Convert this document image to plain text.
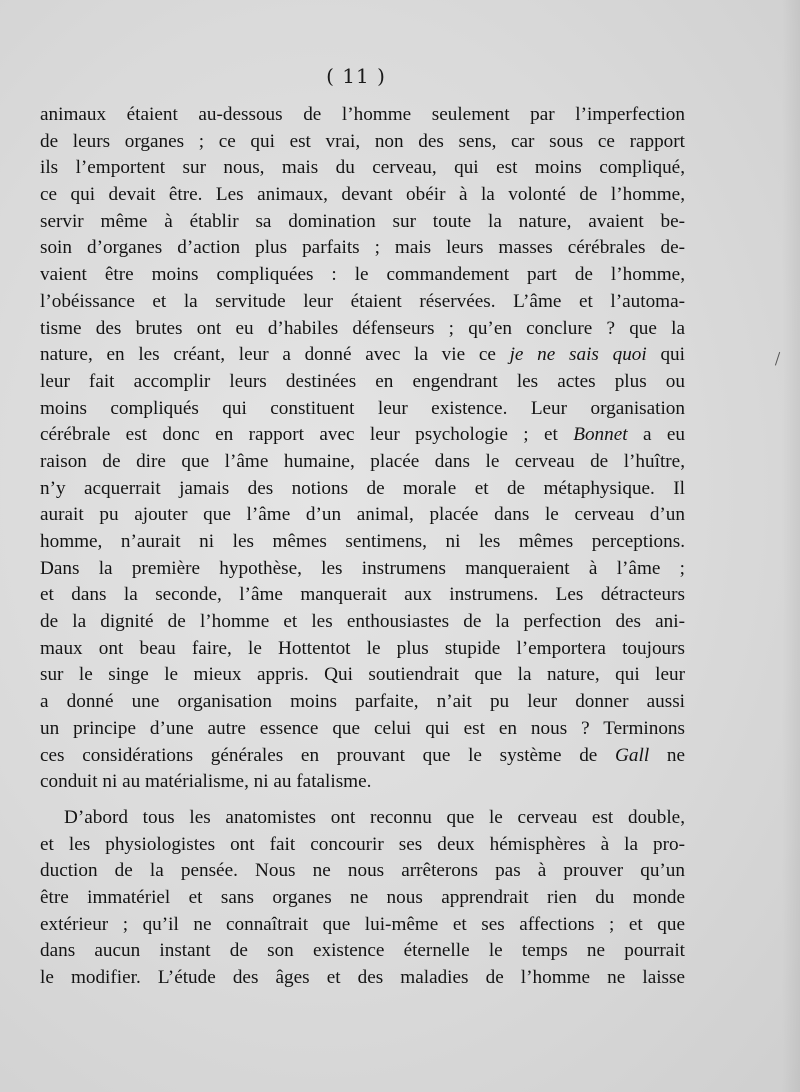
( 11 )
animaux étaient au-dessous de l’homme seulement par l’imperfection
de leurs organes ; ce qui est vrai, non des sens, car sous ce rapport
ils l’emportent sur nous, mais du cerveau, qui est moins compliqué,
ce qui devait être. Les animaux, devant obéir à la volonté de l’homme,
servir même à établir sa domination sur toute la nature, avaient be-
soin d’organes d’action plus parfaits ; mais leurs masses cérébrales de-
vaient être moins compliquées : le commandement part de l’homme,
l’obéissance et la servitude leur étaient réservées. L’âme et l’automa-
tisme des brutes ont eu d’habiles défenseurs ; qu’en conclure ? que la
nature, en les créant, leur a donné avec la vie ce je ne sais quoi qui
leur fait accomplir leurs destinées en engendrant les actes plus ou
moins compliqués qui constituent leur existence. Leur organisation
cérébrale est donc en rapport avec leur psychologie ; et Bonnet a eu
raison de dire que l’âme humaine, placée dans le cerveau de l’huître,
n’y acquerrait jamais des notions de morale et de métaphysique. Il
aurait pu ajouter que l’âme d’un animal, placée dans le cerveau d’un
homme, n’aurait ni les mêmes sentimens, ni les mêmes perceptions.
Dans la première hypothèse, les instrumens manqueraient à l’âme ;
et dans la seconde, l’âme manquerait aux instrumens. Les détracteurs
de la dignité de l’homme et les enthousiastes de la perfection des ani-
maux ont beau faire, le Hottentot le plus stupide l’emportera toujours
sur le singe le mieux appris. Qui soutiendrait que la nature, qui leur
a donné une organisation moins parfaite, n’ait pu leur donner aussi
un principe d’une autre essence que celui qui est en nous ? Terminons
ces considérations générales en prouvant que le système de Gall ne
conduit ni au matérialisme, ni au fatalisme.
D’abord tous les anatomistes ont reconnu que le cerveau est double,
et les physiologistes ont fait concourir ses deux hémisphères à la pro-
duction de la pensée. Nous ne nous arrêterons pas à prouver qu’un
être immatériel et sans organes ne nous apprendrait rien du monde
extérieur ; qu’il ne connaîtrait que lui-même et ses affections ; et que
dans aucun instant de son existence éternelle le temps ne pourrait
le modifier. L’étude des âges et des maladies de l’homme ne laisse
